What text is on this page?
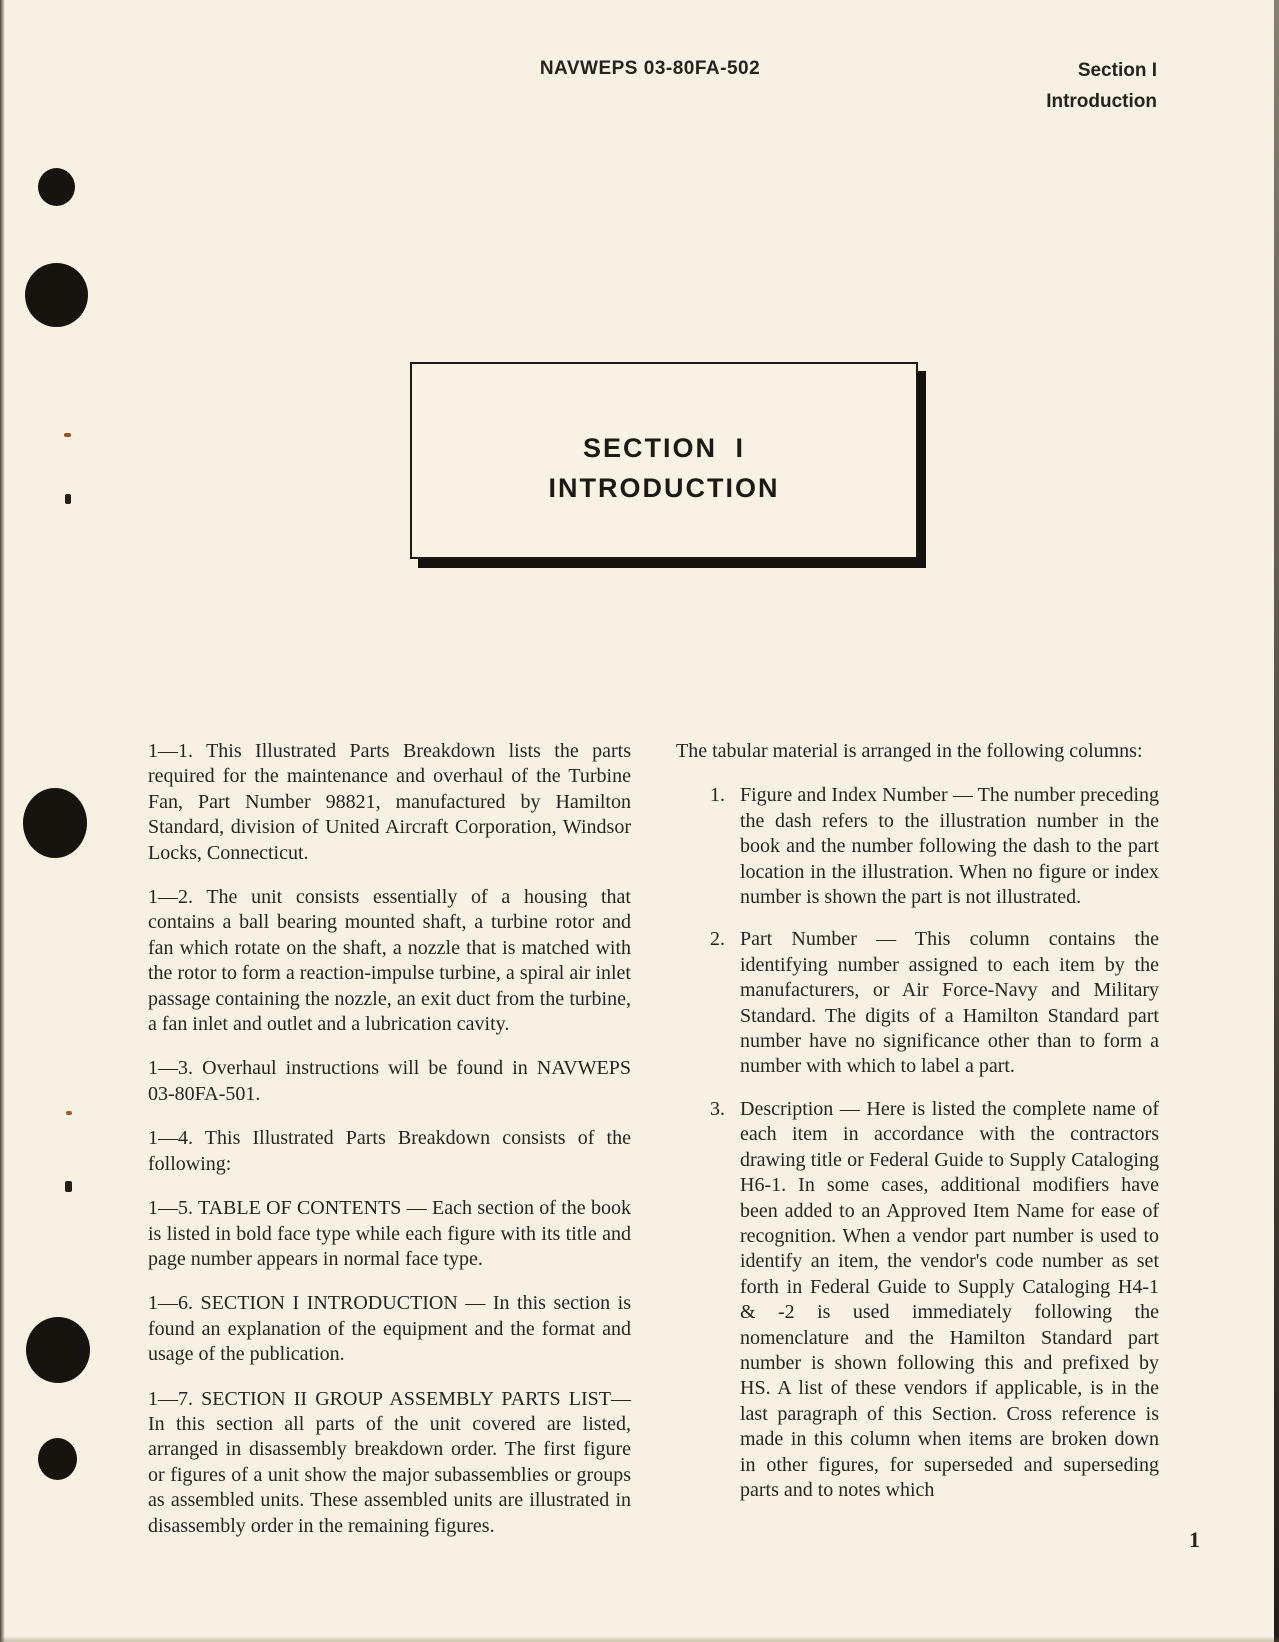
NAVWEPS 03-80FA-502	Section I
Introduction
SECTION I
INTRODUCTION

1—1. This Illustrated Parts Breakdown lists the parts required for the maintenance and overhaul of the Turbine Fan, Part Number 98821, manufactured by Hamilton Standard, division of United Aircraft Corporation, Windsor Locks, Connecticut.

1—2. The unit consists essentially of a housing that contains a ball bearing mounted shaft, a turbine rotor and fan which rotate on the shaft, a nozzle that is matched with the rotor to form a reaction-impulse turbine, a spiral air inlet passage containing the nozzle, an exit duct from the turbine, a fan inlet and outlet and a lubrication cavity.

1—3. Overhaul instructions will be found in NAVWEPS 03-80FA-501.

1—4. This Illustrated Parts Breakdown consists of the following:

1—5. TABLE OF CONTENTS — Each section of the book is listed in bold face type while each figure with its title and page number appears in normal face type.

1—6. SECTION I INTRODUCTION — In this section is found an explanation of the equipment and the format and usage of the publication.

1—7. SECTION II GROUP ASSEMBLY PARTS LIST— In this section all parts of the unit covered are listed, arranged in disassembly breakdown order. The first figure or figures of a unit show the major subassemblies or groups as assembled units. These assembled units are illustrated in disassembly order in the remaining figures.

The tabular material is arranged in the following columns:

1. Figure and Index Number — The number preceding the dash refers to the illustration number in the book and the number following the dash to the part location in the illustration. When no figure or index number is shown the part is not illustrated.
2. Part Number — This column contains the identifying number assigned to each item by the manufacturers, or Air Force-Navy and Military Standard. The digits of a Hamilton Standard part number have no significance other than to form a number with which to label a part.
3. Description — Here is listed the complete name of each item in accordance with the contractors drawing title or Federal Guide to Supply Cataloging H6-1. In some cases, additional modifiers have been added to an Approved Item Name for ease of recognition. When a vendor part number is used to identify an item, the vendor's code number as set forth in Federal Guide to Supply Cataloging H4-1 & -2 is used immediately following the nomenclature and the Hamilton Standard part number is shown following this and prefixed by HS. A list of these vendors if applicable, is in the last paragraph of this Section. Cross reference is made in this column when items are broken down in other figures, for superseded and superseding parts and to notes which
1
